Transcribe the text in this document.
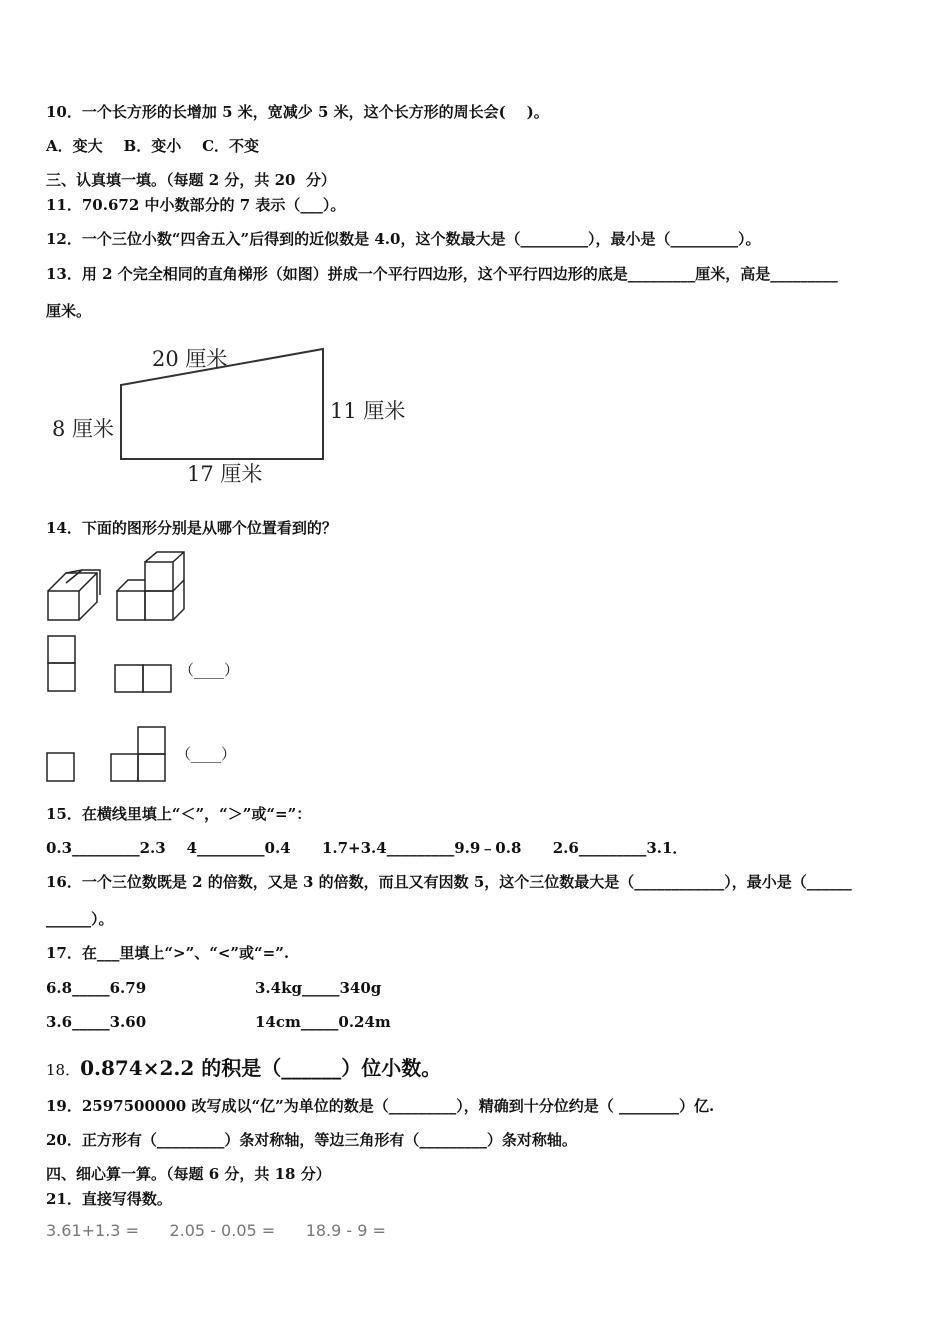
10．一个长方形的长增加 5 米，宽减少 5 米，这个长方形的周长会(    )。
A．变大    B．变小    C．不变
三、认真填一填。（每题 2 分，共 20  分）
11．70.672 中小数部分的 7 表示（___）。
12．一个三位小数“四舍五入”后得到的近似数是 4.0，这个数最大是（_________），最小是（_________）。
13．用 2 个完全相同的直角梯形（如图）拼成一个平行四边形，这个平行四边形的底是_________厘米，高是_________
厘米。
20 厘米
8 厘米
11 厘米
17 厘米
14．下面的图形分别是从哪个位置看到的？
（____）
（____）
15．在横线里填上“＜”，“＞”或“=”：
0.3_________2.3    4_________0.4      1.7+3.4_________9.9﹣0.8      2.6_________3.1．
16．一个三位数既是 2 的倍数，又是 3 的倍数，而且又有因数 5，这个三位数最大是（____________），最小是（______
______）。
17．在___里填上“>”、“<”或“=”.
6.8_____6.79	3.4kg_____340g
3.6_____3.60	14cm_____0.24m
18．0.874×2.2 的积是（______）位小数。
19．2597500000 改写成以“亿”为单位的数是（_________），精确到十分位约是（ ________）亿.
20．正方形有（_________）条对称轴，等边三角形有（_________）条对称轴。
四、细心算一算。（每题 6 分，共 18 分）
21．直接写得数。
3.61+1.3 =      2.05 - 0.05 =      18.9 - 9 =
